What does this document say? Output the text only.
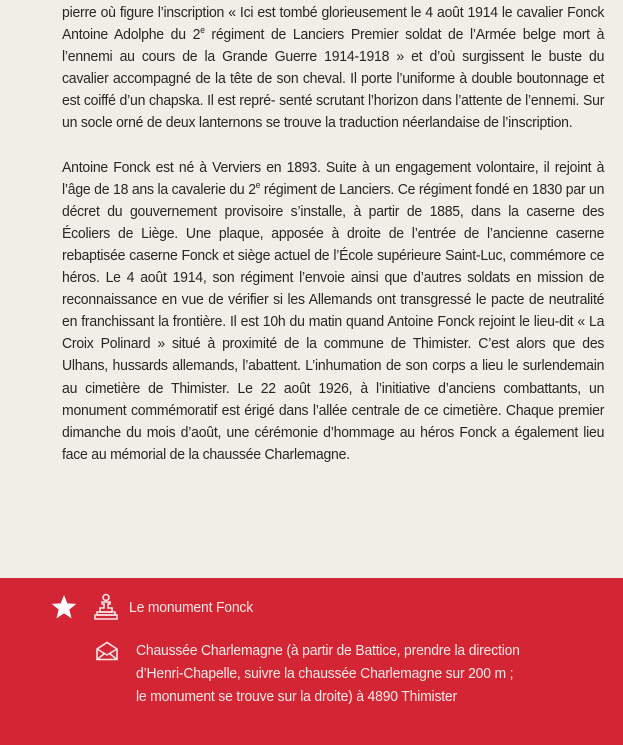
pierre où figure l’inscription « Ici est tombé glorieusement le 4 août 1914 le cavalier Fonck Antoine Adolphe du 2e régiment de Lanciers Premier soldat de l’Armée belge mort à l’ennemi au cours de la Grande Guerre 1914-1918 » et d’où surgissent le buste du cavalier accompagné de la tête de son cheval. Il porte l’uniforme à double boutonnage et est coiffé d’un chapska. Il est repré- senté scrutant l’horizon dans l’attente de l’ennemi. Sur un socle orné de deux lanternons se trouve la traduction néerlandaise de l’inscription.

Antoine Fonck est né à Verviers en 1893. Suite à un engagement volontaire, il rejoint à l’âge de 18 ans la cavalerie du 2e régiment de Lanciers. Ce régiment fondé en 1830 par un décret du gouvernement provisoire s’installe, à partir de 1885, dans la caserne des Écoliers de Liège. Une plaque, apposée à droite de l’entrée de l’ancienne caserne rebaptisée caserne Fonck et siège actuel de l’École supérieure Saint-Luc, commémore ce héros. Le 4 août 1914, son régiment l’envoie ainsi que d’autres soldats en mission de reconnaissance en vue de vérifier si les Allemands ont transgressé le pacte de neutralité en franchissant la frontière. Il est 10h du matin quand Antoine Fonck rejoint le lieu-dit « La Croix Polinard » situé à proximité de la commune de Thimister. C’est alors que des Ulhans, hussards allemands, l’abattent. L’inhumation de son corps a lieu le surlendemain au cimetière de Thimister. Le 22 août 1926, à l’initiative d’anciens combattants, un monument commémoratif est érigé dans l’allée centrale de ce cimetière. Chaque premier dimanche du mois d’août, une cérémonie d’hommage au héros Fonck a également lieu face au mémorial de la chaussée Charlemagne.

Le monument Fonck
Chaussée Charlemagne (à partir de Battice, prendre la direction
d’Henri-Chapelle, suivre la chaussée Charlemagne sur 200 m ;
le monument se trouve sur la droite) à 4890 Thimister
